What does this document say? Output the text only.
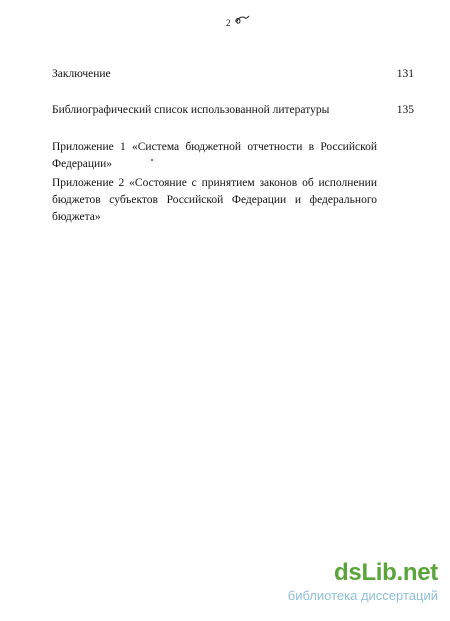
2
Заключение	131
Библиографический список использованной литературы	135
Приложение 1 «Система бюджетной отчетности в Российской
Федерации»
Приложение 2 «Состояние с принятием законов об исполнении
бюджетов субъектов Российской Федерации и федерального
бюджета»
dsLib.net
библиотека диссертаций
